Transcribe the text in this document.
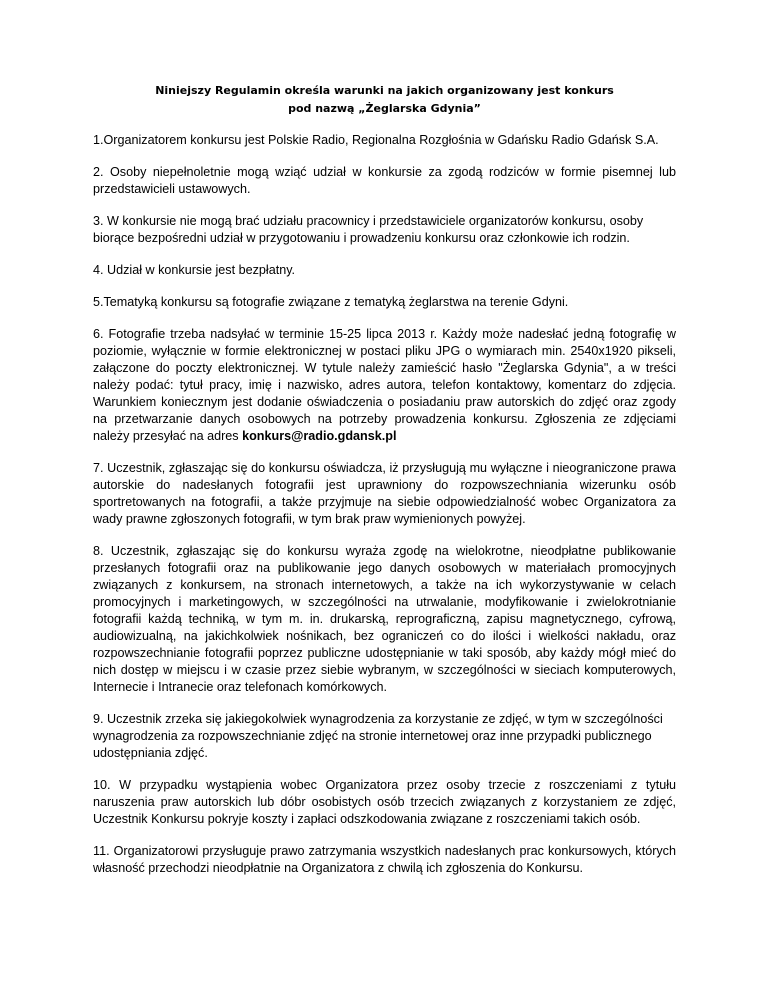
Niniejszy Regulamin określa warunki na jakich organizowany jest konkurs
pod nazwą „Żeglarska Gdynia”

1.Organizatorem konkursu jest Polskie Radio, Regionalna Rozgłośnia w Gdańsku Radio Gdańsk S.A.

2. Osoby niepełnoletnie mogą wziąć udział w konkursie za zgodą rodziców w formie pisemnej lub przedstawicieli ustawowych.

3. W konkursie nie mogą brać udziału pracownicy i przedstawiciele organizatorów konkursu, osoby biorące bezpośredni udział w przygotowaniu i prowadzeniu konkursu oraz członkowie ich rodzin.

4. Udział w konkursie jest bezpłatny.

5.Tematyką konkursu są fotografie związane z tematyką żeglarstwa na terenie Gdyni.

6. Fotografie trzeba nadsyłać w terminie 15-25 lipca 2013 r. Każdy może nadesłać jedną fotografię w poziomie, wyłącznie w formie elektronicznej w postaci pliku JPG o wymiarach min. 2540x1920 pikseli, załączone do poczty elektronicznej. W tytule należy zamieścić hasło "Żeglarska Gdynia", a w treści należy podać: tytuł pracy, imię i nazwisko, adres autora, telefon kontaktowy, komentarz do zdjęcia. Warunkiem koniecznym jest dodanie oświadczenia o posiadaniu praw autorskich do zdjęć oraz zgody na przetwarzanie danych osobowych na potrzeby prowadzenia konkursu. Zgłoszenia ze zdjęciami należy przesyłać na adres konkurs@radio.gdansk.pl

7. Uczestnik, zgłaszając się do konkursu oświadcza, iż przysługują mu wyłączne i nieograniczone prawa autorskie do nadesłanych fotografii jest uprawniony do rozpowszechniania wizerunku osób sportretowanych na fotografii, a także przyjmuje na siebie odpowiedzialność wobec Organizatora za wady prawne zgłoszonych fotografii, w tym brak praw wymienionych powyżej.

8. Uczestnik, zgłaszając się do konkursu wyraża zgodę na wielokrotne, nieodpłatne publikowanie przesłanych fotografii oraz na publikowanie jego danych osobowych w materiałach promocyjnych związanych z konkursem, na stronach internetowych, a także na ich wykorzystywanie w celach promocyjnych i marketingowych, w szczególności na utrwalanie, modyfikowanie i zwielokrotnianie fotografii każdą techniką, w tym m. in. drukarską, reprograficzną, zapisu magnetycznego, cyfrową, audiowizualną, na jakichkolwiek nośnikach, bez ograniczeń co do ilości i wielkości nakładu, oraz rozpowszechnianie fotografii poprzez publiczne udostępnianie w taki sposób, aby każdy mógł mieć do nich dostęp w miejscu i w czasie przez siebie wybranym, w szczególności w sieciach komputerowych, Internecie i Intranecie oraz telefonach komórkowych.

9. Uczestnik zrzeka się jakiegokolwiek wynagrodzenia za korzystanie ze zdjęć, w tym w szczególności wynagrodzenia za rozpowszechnianie zdjęć na stronie internetowej oraz inne przypadki publicznego udostępniania zdjęć.

10. W przypadku wystąpienia wobec Organizatora przez osoby trzecie z roszczeniami z tytułu naruszenia praw autorskich lub dóbr osobistych osób trzecich związanych z korzystaniem ze zdjęć, Uczestnik Konkursu pokryje koszty i zapłaci odszkodowania związane z roszczeniami takich osób.

11. Organizatorowi przysługuje prawo zatrzymania wszystkich nadesłanych prac konkursowych, których własność przechodzi nieodpłatnie na Organizatora z chwilą ich zgłoszenia do Konkursu.
